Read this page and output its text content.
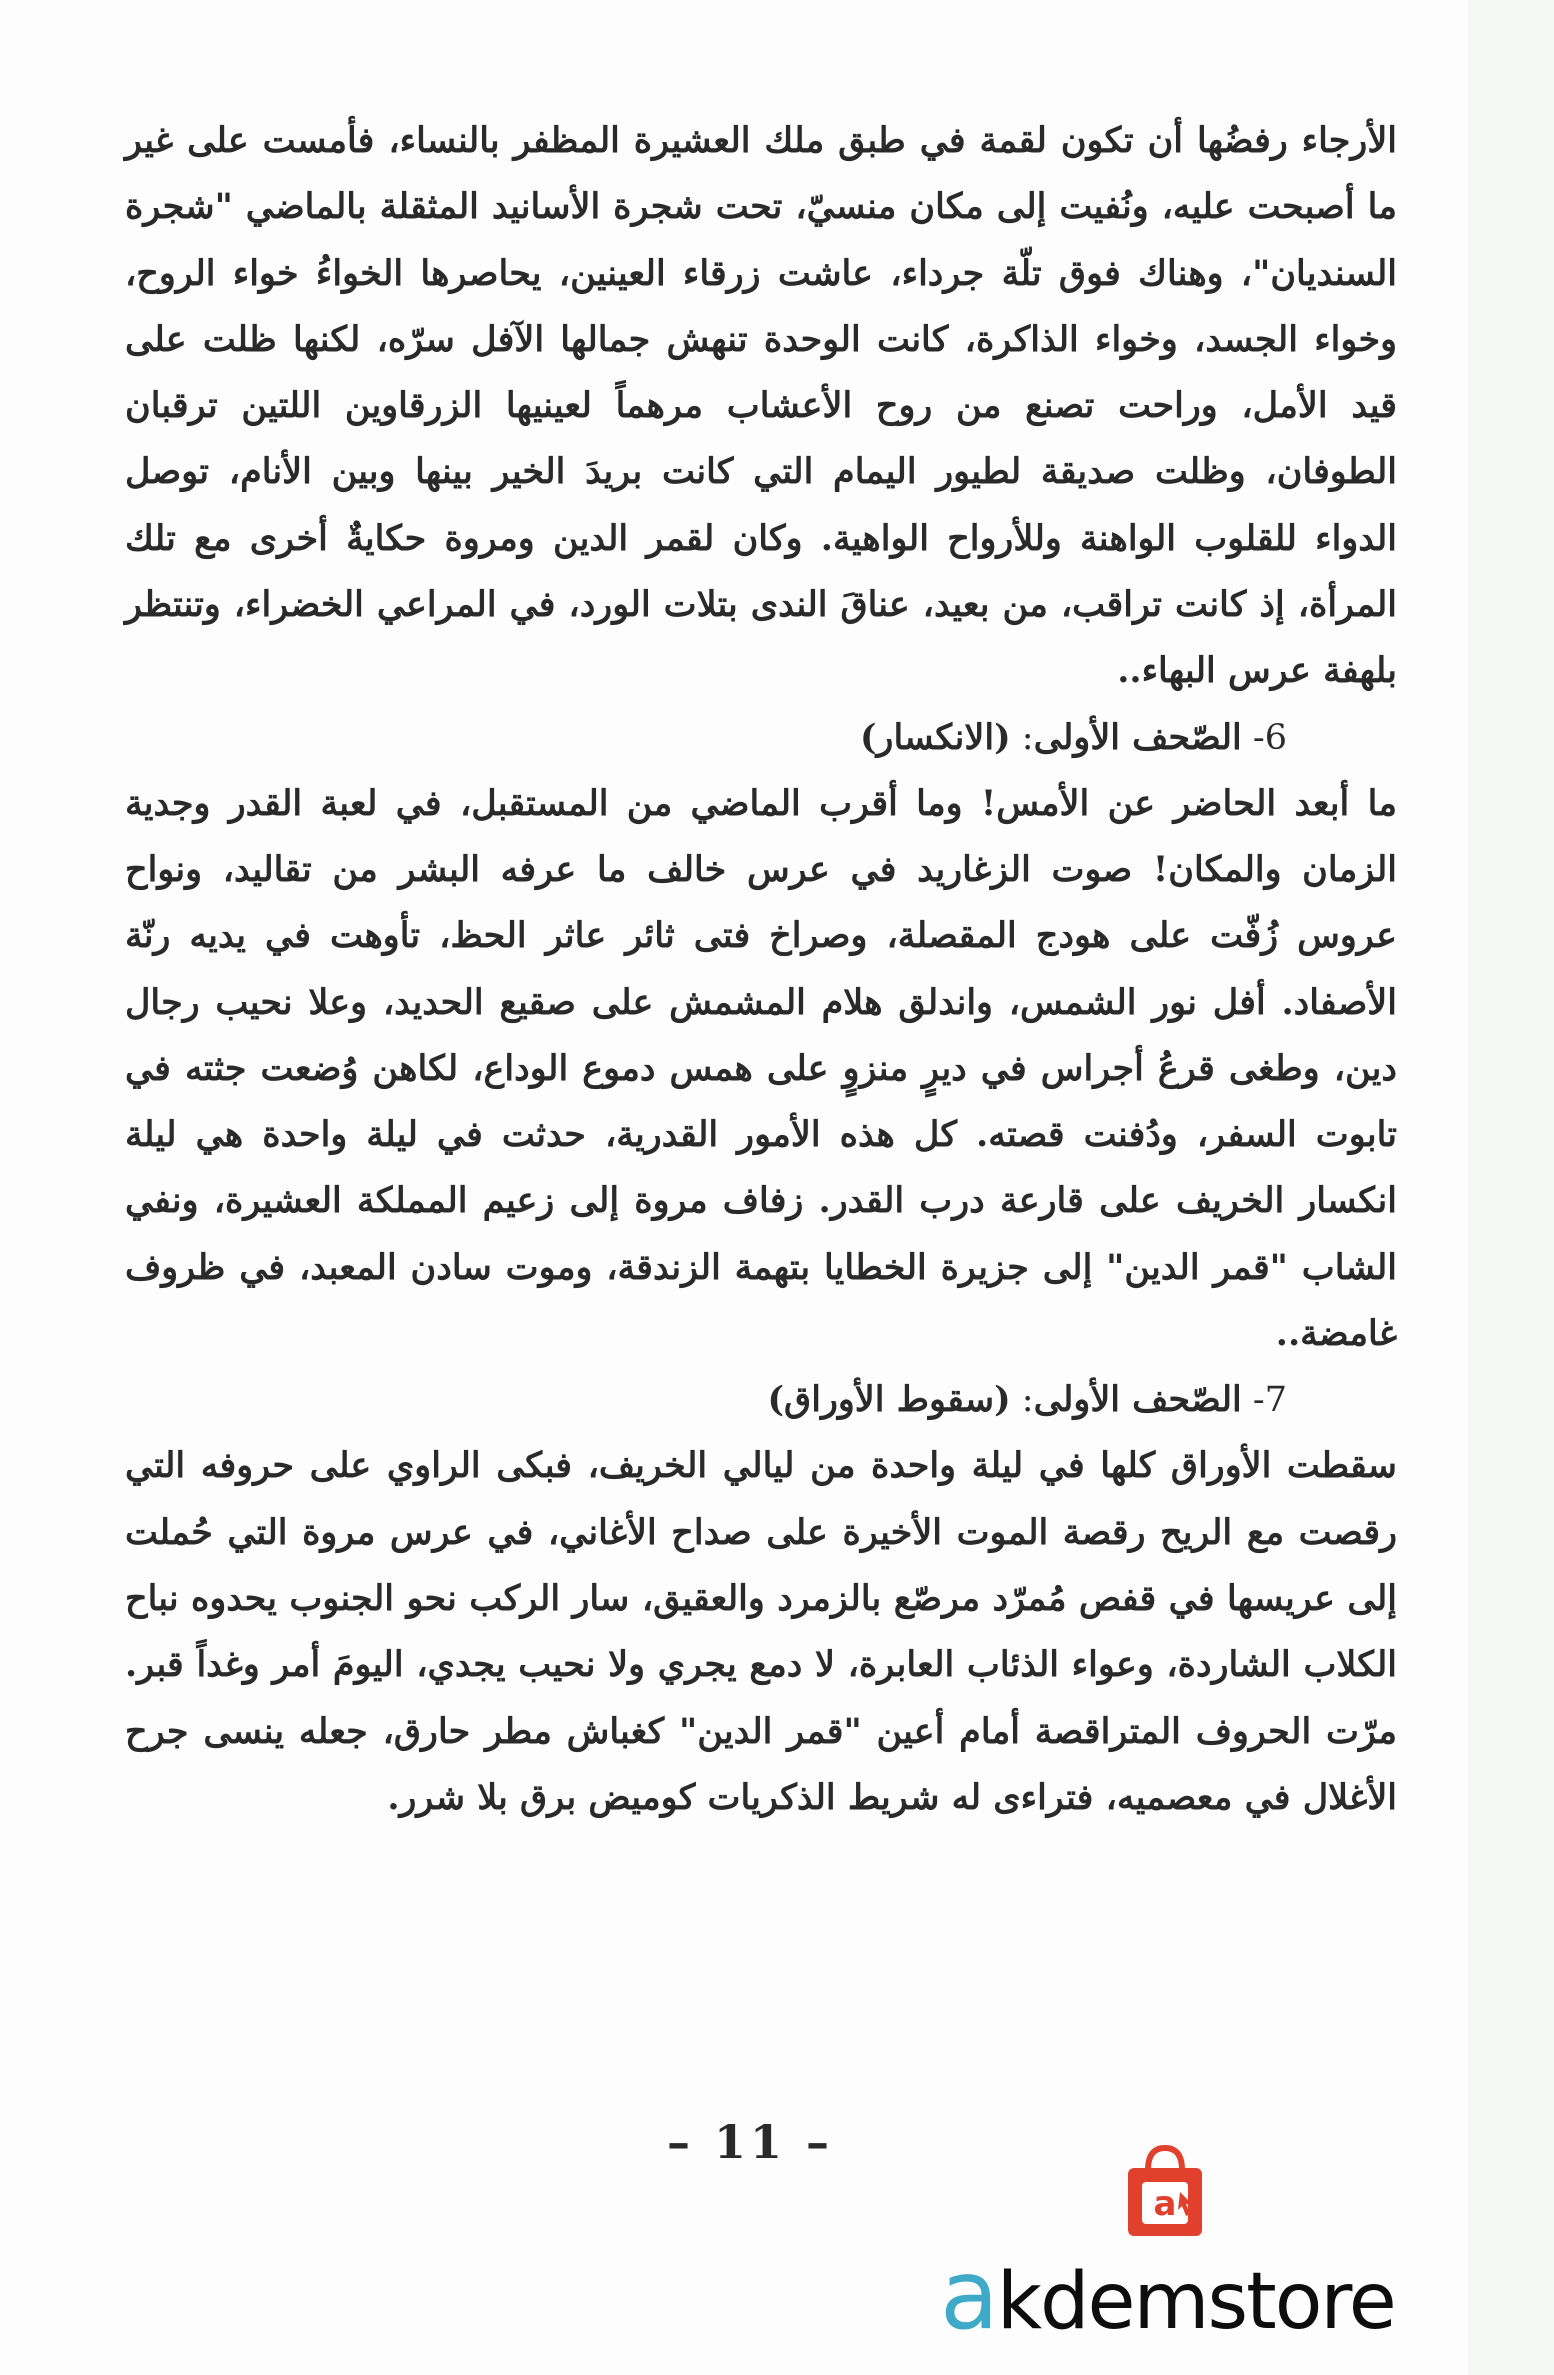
الأرجاء رفضُها أن تكون لقمة في طبق ملك العشيرة المظفر بالنساء، فأمست على غير ما أصبحت عليه، ونُفيت إلى مكان منسيّ، تحت شجرة الأسانيد المثقلة بالماضي "شجرة السنديان"، وهناك فوق تلّة جرداء، عاشت زرقاء العينين، يحاصرها الخواءُ خواء الروح، وخواء الجسد، وخواء الذاكرة، كانت الوحدة تنهش جمالها الآفل سرّه، لكنها ظلت على قيد الأمل، وراحت تصنع من روح الأعشاب مرهماً لعينيها الزرقاوين اللتين ترقبان الطوفان، وظلت صديقة لطيور اليمام التي كانت بريدَ الخير بينها وبين الأنام، توصل الدواء للقلوب الواهنة وللأرواح الواهية. وكان لقمر الدين ومروة حكايةٌ أخرى مع تلك المرأة، إذ كانت تراقب، من بعيد، عناقَ الندى بتلات الورد، في المراعي الخضراء، وتنتظر بلهفة عرس البهاء..

6- الصّحف الأولى: (الانكسار)

ما أبعد الحاضر عن الأمس! وما أقرب الماضي من المستقبل، في لعبة القدر وجدية الزمان والمكان! صوت الزغاريد في عرس خالف ما عرفه البشر من تقاليد، ونواح عروس زُفّت على هودج المقصلة، وصراخ فتى ثائر عاثر الحظ، تأوهت في يديه رنّة الأصفاد. أفل نور الشمس، واندلق هلام المشمش على صقيع الحديد، وعلا نحيب رجال دين، وطغى قرعُ أجراس في ديرٍ منزوٍ على همس دموع الوداع، لكاهن وُضعت جثته في تابوت السفر، ودُفنت قصته. كل هذه الأمور القدرية، حدثت في ليلة واحدة هي ليلة انكسار الخريف على قارعة درب القدر. زفاف مروة إلى زعيم المملكة العشيرة، ونفي الشاب "قمر الدين" إلى جزيرة الخطايا بتهمة الزندقة، وموت سادن المعبد، في ظروف غامضة..

7- الصّحف الأولى: (سقوط الأوراق)

سقطت الأوراق كلها في ليلة واحدة من ليالي الخريف، فبكى الراوي على حروفه التي رقصت مع الريح رقصة الموت الأخيرة على صداح الأغاني، في عرس مروة التي حُملت إلى عريسها في قفص مُمرّد مرصّع بالزمرد والعقيق، سار الركب نحو الجنوب يحدوه نباح الكلاب الشاردة، وعواء الذئاب العابرة، لا دمع يجري ولا نحيب يجدي، اليومَ أمر وغداً قبر. مرّت الحروف المتراقصة أمام أعين "قمر الدين" كغباش مطر حارق، جعله ينسى جرح الأغلال في معصميه، فتراءى له شريط الذكريات كوميض برق بلا شرر.

– 11 –
a
akdemstore
